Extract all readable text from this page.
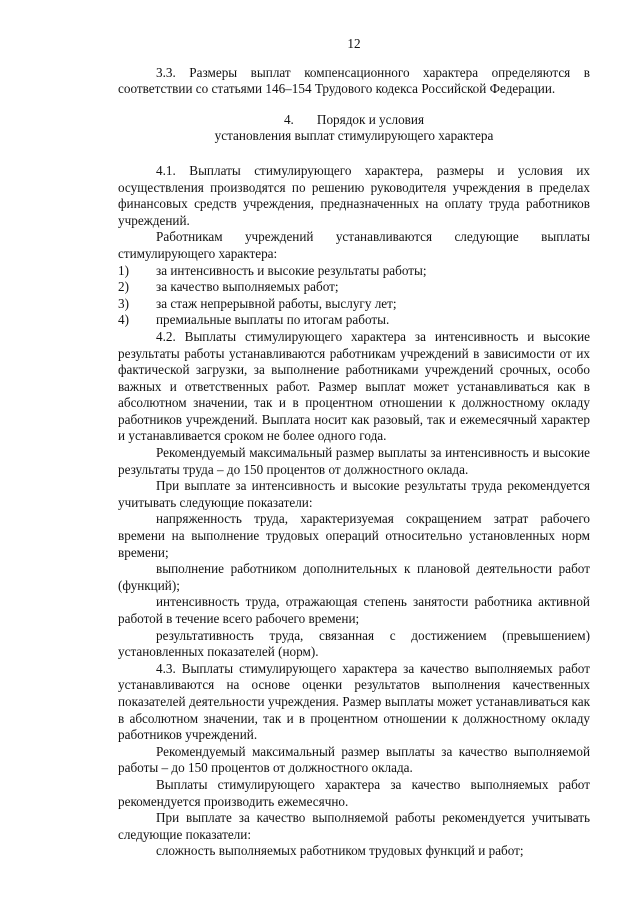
12

3.3. Размеры выплат компенсационного характера определяются в соответствии со статьями 146–154 Трудового кодекса Российской Федерации.

4.       Порядок и условия
установления выплат стимулирующего характера

4.1. Выплаты стимулирующего характера, размеры и условия их осуществления производятся по решению руководителя учреждения в пределах финансовых средств учреждения, предназначенных на оплату труда работников учреждений.

Работникам учреждений устанавливаются следующие выплаты стимулирующего характера:

1)	за интенсивность и высокие результаты работы;
2)	за качество выполняемых работ;
3)	за стаж непрерывной работы, выслугу лет;
4)	премиальные выплаты по итогам работы.

4.2. Выплаты стимулирующего характера за интенсивность и высокие результаты работы устанавливаются работникам учреждений в зависимости от их фактической загрузки, за выполнение работниками учреждений срочных, особо важных и ответственных работ. Размер выплат может устанавливаться как в абсолютном значении, так и в процентном отношении к должностному окладу работников учреждений. Выплата носит как разовый, так и ежемесячный характер и устанавливается сроком не более одного года.

Рекомендуемый максимальный размер выплаты за интенсивность и высокие результаты труда – до 150 процентов от должностного оклада.

При выплате за интенсивность и высокие результаты труда рекомендуется учитывать следующие показатели:

напряженность труда, характеризуемая сокращением затрат рабочего времени на выполнение трудовых операций относительно установленных норм времени;

выполнение работником дополнительных к плановой деятельности работ (функций);

интенсивность труда, отражающая степень занятости работника активной работой в течение всего рабочего времени;

результативность труда, связанная с достижением (превышением) установленных показателей (норм).

4.3. Выплаты стимулирующего характера за качество выполняемых работ устанавливаются на основе оценки результатов выполнения качественных показателей деятельности учреждения. Размер выплаты может устанавливаться как в абсолютном значении, так и в процентном отношении к должностному окладу работников учреждений.

Рекомендуемый максимальный размер выплаты за качество выполняемой работы – до 150 процентов от должностного оклада.

Выплаты стимулирующего характера за качество выполняемых работ рекомендуется производить ежемесячно.

При выплате за качество выполняемой работы рекомендуется учитывать следующие показатели:

сложность выполняемых работником трудовых функций и работ;
